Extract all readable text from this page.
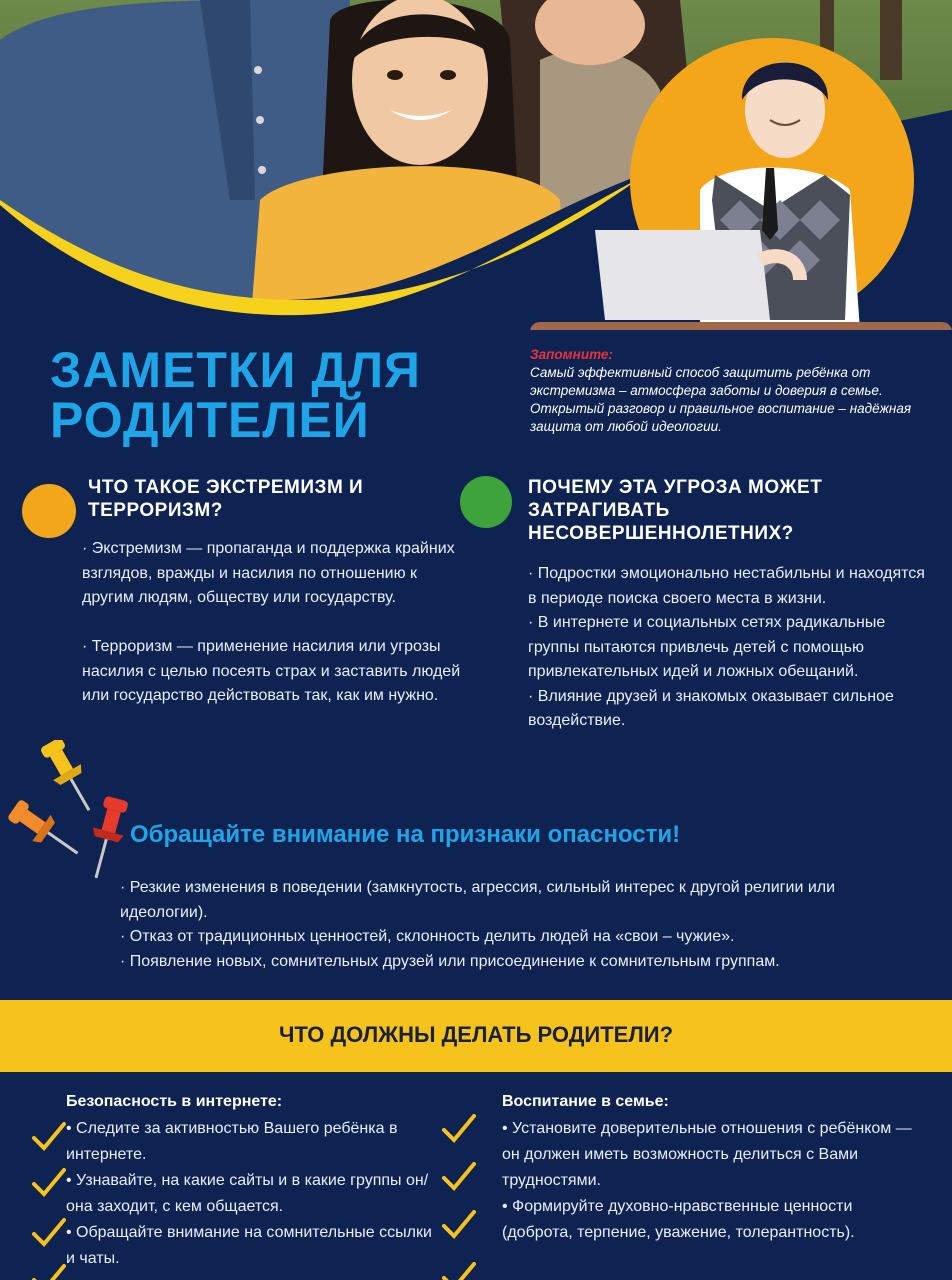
ЗАМЕТКИ ДЛЯ РОДИТЕЛЕЙ
Запомните:

Самый эффективный способ защитить ребёнка от экстремизма – атмосфера заботы и доверия в семье.

Открытый разговор и правильное воспитание – надёжная защита от любой идеологии.

ЧТО ТАКОЕ ЭКСТРЕМИЗМ И ТЕРРОРИЗМ?
ПОЧЕМУ ЭТА УГРОЗА МОЖЕТ ЗАТРАГИВАТЬ НЕСОВЕРШЕННОЛЕТНИХ?

· Экстремизм — пропаганда и поддержка крайних взглядов, вражды и насилия по отношению к другим людям, обществу или государству.

· Терроризм — применение насилия или угрозы насилия с целью посеять страх и заставить людей или государство действовать так, как им нужно.

· Подростки эмоционально нестабильны и находятся в периоде поиска своего места в жизни.

· В интернете и социальных сетях радикальные группы пытаются привлечь детей с помощью привлекательных идей и ложных обещаний.

· Влияние друзей и знакомых оказывает сильное воздействие.

Обращайте внимание на признаки опасности!

· Резкие изменения в поведении (замкнутость, агрессия, сильный интерес к другой религии или идеологии).

· Отказ от традиционных ценностей, склонность делить людей на «свои – чужие».

· Появление новых, сомнительных друзей или присоединение к сомнительным группам.

ЧТО ДОЛЖНЫ ДЕЛАТЬ РОДИТЕЛИ?
Безопасность в интернете:	Воспитание в семье:

• Следите за активностью Вашего ребёнка в интернете.

• Узнавайте, на какие сайты и в какие группы он/она заходит, с кем общается.

• Обращайте внимание на сомнительные ссылки и чаты.

• Установите доверительные отношения с ребёнком — он должен иметь возможность делиться с Вами трудностями.

• Формируйте духовно-нравственные ценности (доброта, терпение, уважение, толерантность).
